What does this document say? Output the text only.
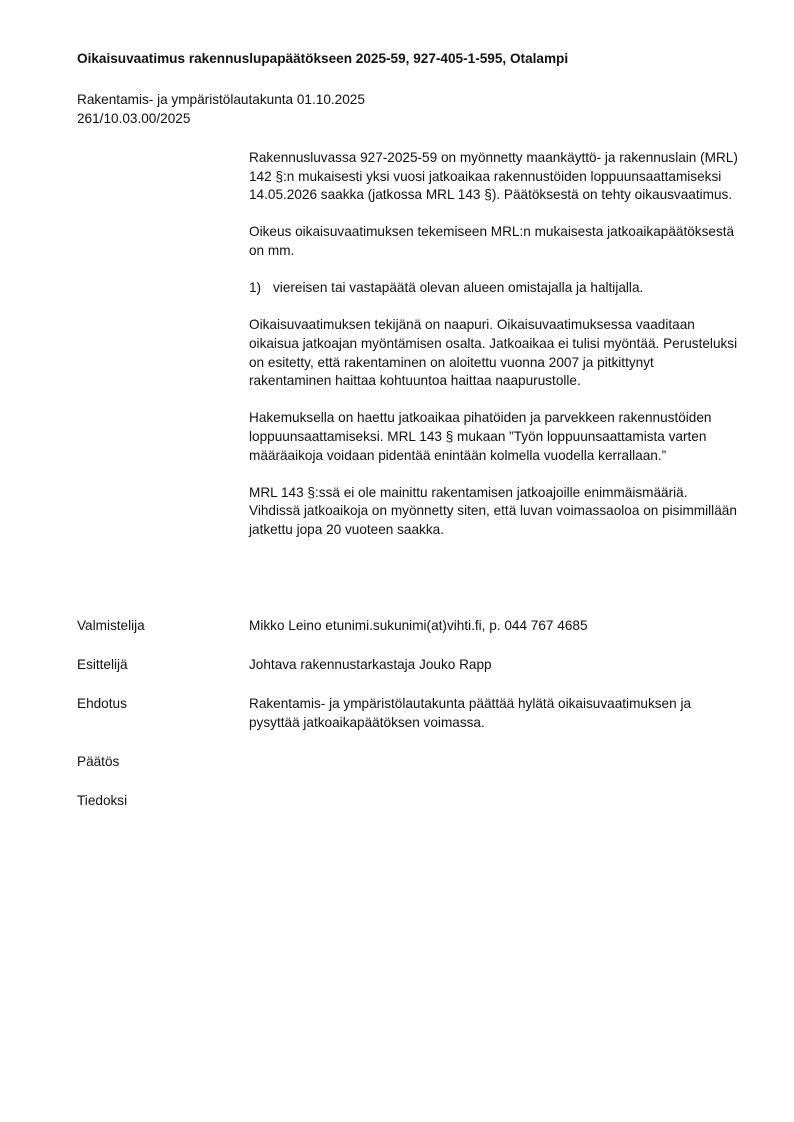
Oikaisuvaatimus rakennuslupapäätökseen 2025-59, 927-405-1-595, Otalampi
Rakentamis- ja ympäristölautakunta 01.10.2025
261/10.03.00/2025

Rakennusluvassa 927-2025-59 on myönnetty maankäyttö- ja rakennuslain (MRL) 142 §:n mukaisesti yksi vuosi jatkoaikaa rakennustöiden loppuunsaattamiseksi 14.05.2026 saakka (jatkossa MRL 143 §). Päätöksestä on tehty oikausvaatimus.

Oikeus oikaisuvaatimuksen tekemiseen MRL:n mukaisesta jatkoaikapäätöksestä on mm.

1) viereisen tai vastapäätä olevan alueen omistajalla ja haltijalla.

Oikaisuvaatimuksen tekijänä on naapuri. Oikaisuvaatimuksessa vaaditaan oikaisua jatkoajan myöntämisen osalta. Jatkoaikaa ei tulisi myöntää. Perusteluksi on esitetty, että rakentaminen on aloitettu vuonna 2007 ja pitkittynyt rakentaminen haittaa kohtuuntoa haittaa naapurustolle.

Hakemuksella on haettu jatkoaikaa pihatöiden ja parvekkeen rakennustöiden loppuunsaattamiseksi. MRL 143 § mukaan ”Työn loppuunsaattamista varten määräaikoja voidaan pidentää enintään kolmella vuodella kerrallaan.”

MRL 143 §:ssä ei ole mainittu rakentamisen jatkoajoille enimmäismääriä. Vihdissä jatkoaikoja on myönnetty siten, että luvan voimassaoloa on pisimmillään jatkettu jopa 20 vuoteen saakka.

Valmistelija	Mikko Leino etunimi.sukunimi(at)vihti.fi, p. 044 767 4685
Esittelijä	Johtava rakennustarkastaja Jouko Rapp
Ehdotus	Rakentamis- ja ympäristölautakunta päättää hylätä oikaisuvaatimuksen ja pysyttää jatkoaikapäätöksen voimassa.
Päätös
Tiedoksi
